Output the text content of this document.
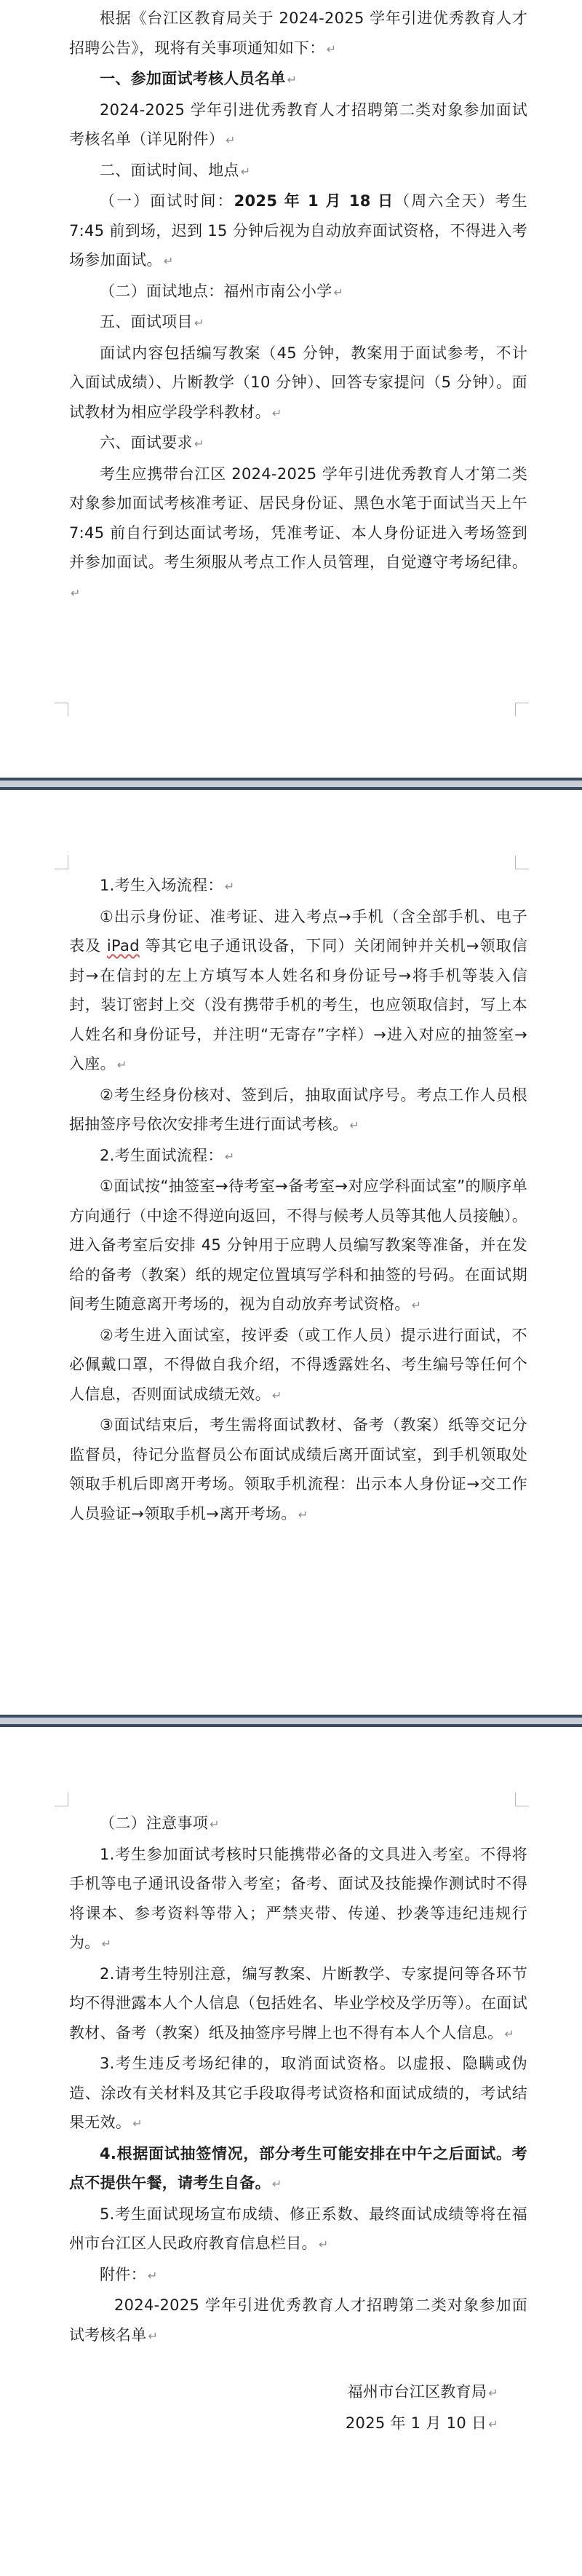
根据《台江区教育局关于 2024-2025 学年引进优秀教育人才招聘公告》，现将有关事项通知如下： ↵

一、参加面试考核人员名单 ↵

2024-2025 学年引进优秀教育人才招聘第二类对象参加面试考核名单（详见附件） ↵

二、面试时间、地点 ↵

（一）面试时间：2025 年 1 月 18 日（周六全天）考生 7:45 前到场，迟到 15 分钟后视为自动放弃面试资格，不得进入考场参加面试。 ↵

（二）面试地点：福州市南公小学 ↵

五、面试项目 ↵

面试内容包括编写教案（45 分钟，教案用于面试参考，不计入面试成绩）、片断教学（10 分钟）、回答专家提问（5 分钟）。面试教材为相应学段学科教材。 ↵

六、面试要求 ↵

考生应携带台江区 2024-2025 学年引进优秀教育人才第二类对象参加面试考核准考证、居民身份证、黑色水笔于面试当天上午 7:45 前自行到达面试考场，凭准考证、本人身份证进入考场签到并参加面试。考生须服从考点工作人员管理，自觉遵守考场纪律。↵

1.考生入场流程： ↵

①出示身份证、准考证、进入考点→手机（含全部手机、电子表及 iPad 等其它电子通讯设备，下同）关闭闹钟并关机→领取信封→在信封的左上方填写本人姓名和身份证号→将手机等装入信封，装订密封上交（没有携带手机的考生，也应领取信封，写上本人姓名和身份证号，并注明“无寄存”字样）→进入对应的抽签室→入座。 ↵

②考生经身份核对、签到后，抽取面试序号。考点工作人员根据抽签序号依次安排考生进行面试考核。 ↵

2.考生面试流程： ↵

①面试按“抽签室→待考室→备考室→对应学科面试室”的顺序单方向通行（中途不得逆向返回，不得与候考人员等其他人员接触）。进入备考室后安排 45 分钟用于应聘人员编写教案等准备，并在发给的备考（教案）纸的规定位置填写学科和抽签的号码。在面试期间考生随意离开考场的，视为自动放弃考试资格。 ↵

②考生进入面试室，按评委（或工作人员）提示进行面试，不必佩戴口罩，不得做自我介绍，不得透露姓名、考生编号等任何个人信息，否则面试成绩无效。 ↵

③面试结束后，考生需将面试教材、备考（教案）纸等交记分监督员，待记分监督员公布面试成绩后离开面试室，到手机领取处领取手机后即离开考场。领取手机流程：出示本人身份证→交工作人员验证→领取手机→离开考场。 ↵

（二）注意事项 ↵

1.考生参加面试考核时只能携带必备的文具进入考室。不得将手机等电子通讯设备带入考室；备考、面试及技能操作测试时不得将课本、参考资料等带入；严禁夹带、传递、抄袭等违纪违规行为。 ↵

2.请考生特别注意，编写教案、片断教学、专家提问等各环节均不得泄露本人个人信息（包括姓名、毕业学校及学历等）。在面试教材、备考（教案）纸及抽签序号牌上也不得有本人个人信息。 ↵

3.考生违反考场纪律的，取消面试资格。以虚报、隐瞒或伪造、涂改有关材料及其它手段取得考试资格和面试成绩的，考试结果无效。 ↵

4.根据面试抽签情况，部分考生可能安排在中午之后面试。考点不提供午餐，请考生自备。 ↵

5.考生面试现场宣布成绩、修正系数、最终面试成绩等将在福州市台江区人民政府教育信息栏目。 ↵

附件： ↵

2024-2025 学年引进优秀教育人才招聘第二类对象参加面试考核名单 ↵

福州市台江区教育局 ↵

2025 年 1 月 10 日 ↵
